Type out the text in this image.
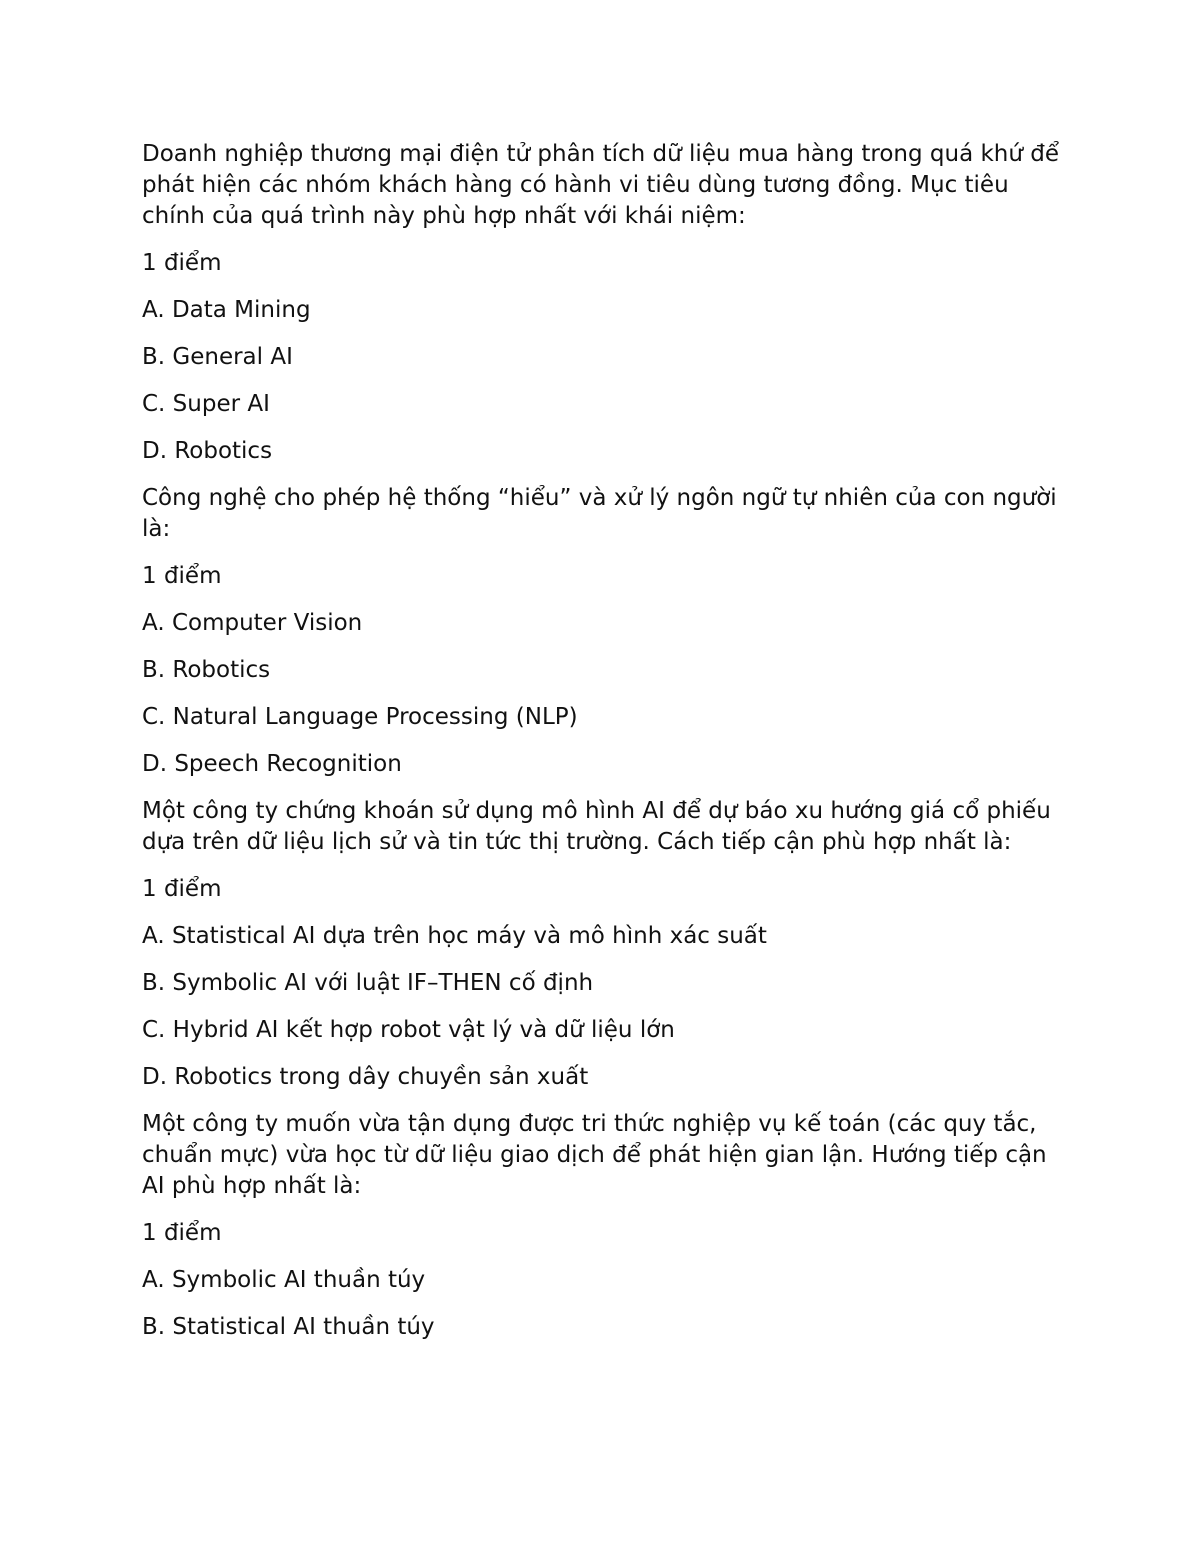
Doanh nghiệp thương mại điện tử phân tích dữ liệu mua hàng trong quá khứ để phát hiện các nhóm khách hàng có hành vi tiêu dùng tương đồng. Mục tiêu chính của quá trình này phù hợp nhất với khái niệm:

1 điểm

A. Data Mining

B. General AI

C. Super AI

D. Robotics

Công nghệ cho phép hệ thống “hiểu” và xử lý ngôn ngữ tự nhiên của con người là:

1 điểm

A. Computer Vision

B. Robotics

C. Natural Language Processing (NLP)

D. Speech Recognition

Một công ty chứng khoán sử dụng mô hình AI để dự báo xu hướng giá cổ phiếu dựa trên dữ liệu lịch sử và tin tức thị trường. Cách tiếp cận phù hợp nhất là:

1 điểm

A. Statistical AI dựa trên học máy và mô hình xác suất

B. Symbolic AI với luật IF–THEN cố định

C. Hybrid AI kết hợp robot vật lý và dữ liệu lớn

D. Robotics trong dây chuyền sản xuất

Một công ty muốn vừa tận dụng được tri thức nghiệp vụ kế toán (các quy tắc, chuẩn mực) vừa học từ dữ liệu giao dịch để phát hiện gian lận. Hướng tiếp cận AI phù hợp nhất là:

1 điểm

A. Symbolic AI thuần túy

B. Statistical AI thuần túy
